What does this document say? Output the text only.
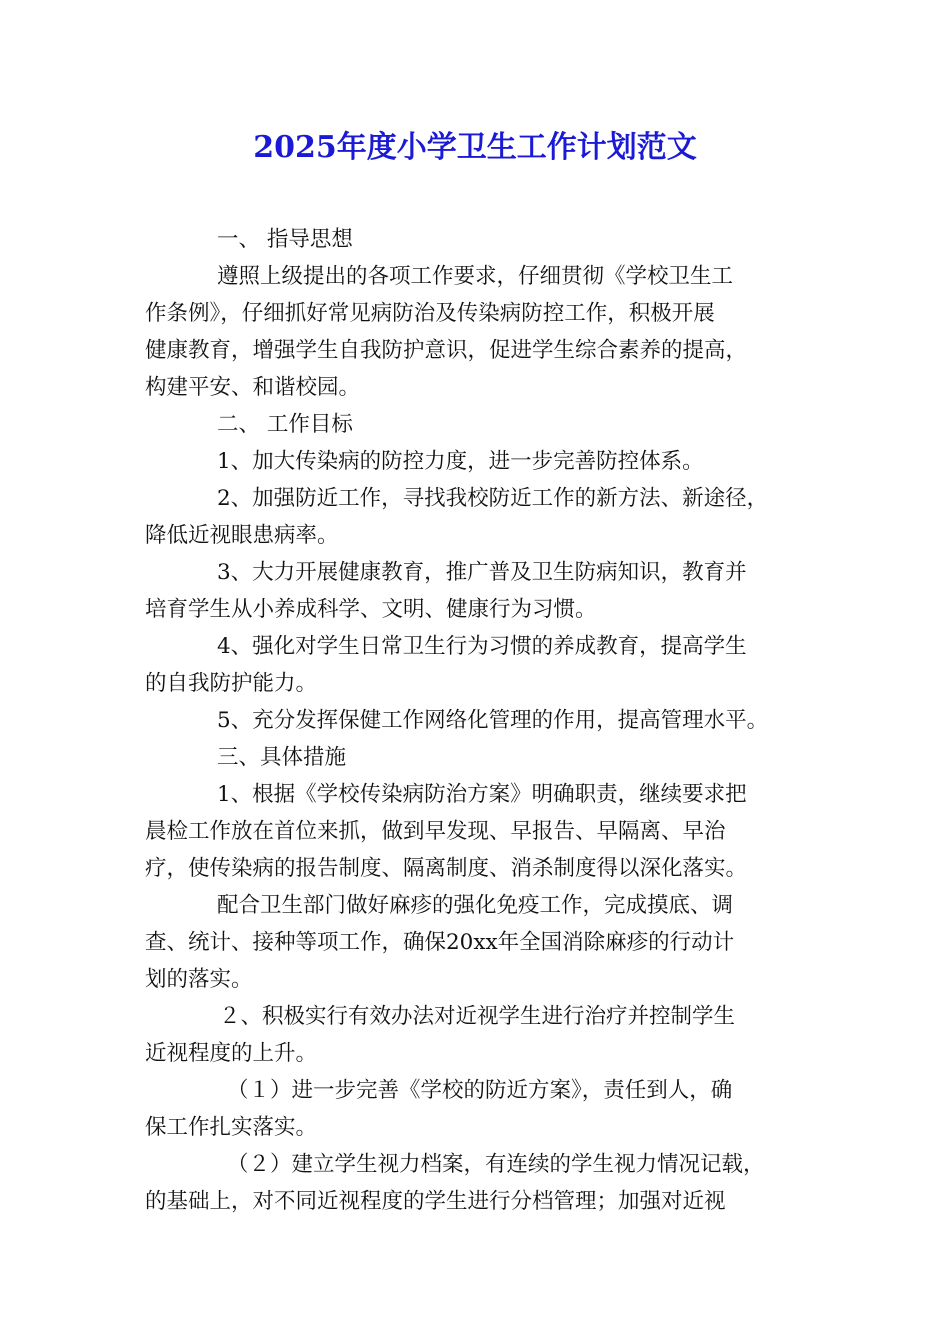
2025年度小学卫生工作计划范文
一、 指导思想
遵照上级提出的各项工作要求，仔细贯彻《学校卫生工
作条例》，仔细抓好常见病防治及传染病防控工作，积极开展
健康教育，增强学生自我防护意识，促进学生综合素养的提高，
构建平安、和谐校园。
二、 工作目标
1、加大传染病的防控力度，进一步完善防控体系。
2、加强防近工作，寻找我校防近工作的新方法、新途径，
降低近视眼患病率。
3、大力开展健康教育，推广普及卫生防病知识，教育并
培育学生从小养成科学、文明、健康行为习惯。
4、强化对学生日常卫生行为习惯的养成教育，提高学生
的自我防护能力。
5、充分发挥保健工作网络化管理的作用，提高管理水平。
三、具体措施
1、根据《学校传染病防治方案》明确职责，继续要求把
晨检工作放在首位来抓，做到早发现、早报告、早隔离、早治
疗，使传染病的报告制度、隔离制度、消杀制度得以深化落实。
配合卫生部门做好麻疹的强化免疫工作，完成摸底、调
查、统计、接种等项工作，确保20xx年全国消除麻疹的行动计
划的落实。
２、积极实行有效办法对近视学生进行治疗并控制学生
近视程度的上升。
（１）进一步完善《学校的防近方案》，责任到人，确
保工作扎实落实。
（２）建立学生视力档案，有连续的学生视力情况记载，
的基础上，对不同近视程度的学生进行分档管理；加强对近视
